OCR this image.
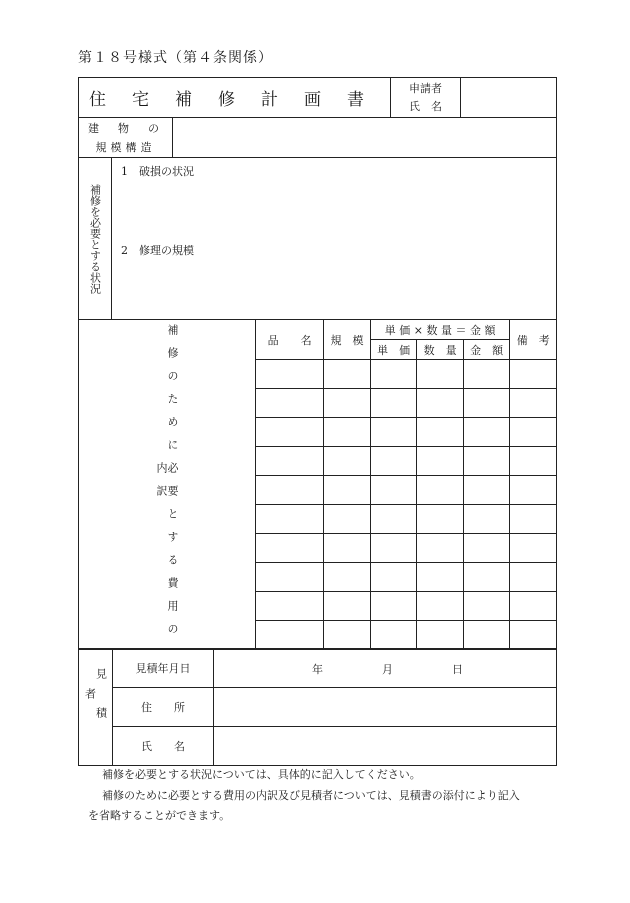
第１８号様式（第４条関係）
住宅補修計画書	
申請者
氏　名

建　物　の
規模構造

補修を必要とする状況

1　破損の状況
2　修理の規模
補修のために必要とする費用の内訳	品　　名	規　模	単 価 × 数 量 ＝ 金 額			備　考
			単　価	数　量	金　額	

見積者	見積年月日	年 月 日

	住　　所	
	氏　　名	
補修を必要とする状況については、具体的に記入してください。
補修のために必要とする費用の内訳及び見積者については、見積書の添付により記入
を省略することができます。
